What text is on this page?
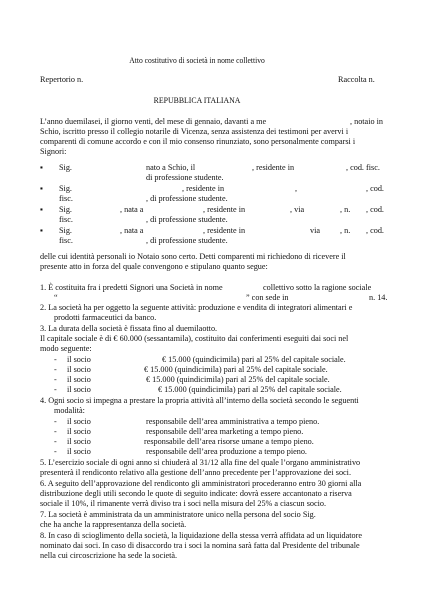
Atto costitutivo di società in nome collettivo
Repertorio n.	Raccolta n.
REPUBBLICA ITALIANA
L’anno duemilasei, il giorno venti, del mese di gennaio, davanti a me	, notaio in
Schio, iscritto presso il collegio notarile di Vicenza, senza assistenza dei testimoni per avervi i
comparenti di comune accordo e con il mio consenso rinunziato, sono personalmente comparsi i
Signori:
▪ Sig.	nato a Schio, il	, residente in	, cod. fisc.
di professione studente.
▪ Sig.	, residente in	,	, cod.
fisc.	, di professione studente.
▪ Sig.	, nata a	, residente in	, via	, n. , cod.
fisc.	, di professione studente.
▪ Sig.	, nata a	, residente in	via , n. , cod.
fisc.	, di professione studente.
delle cui identità personali io Notaio sono certo. Detti comparenti mi richiedono di ricevere il
presente atto in forza del quale convengono e stipulano quanto segue:
1. È costituita fra i predetti Signori una Società in nome	collettivo sotto la ragione sociale
“	” con sede in	n. 14.
2. La società ha per oggetto la seguente attività: produzione e vendita di integratori alimentari e
prodotti farmaceutici da banco.
3. La durata della società è fissata fino al duemilaotto.
Il capitale sociale è di € 60.000 (sessantamila), costituito dai conferimenti eseguiti dai soci nel
modo seguente:
- il socio	€ 15.000 (quindicimila) pari al 25% del capitale sociale.
- il socio	€ 15.000 (quindicimila) pari al 25% del capitale sociale.
- il socio	€ 15.000 (quindicimila) pari al 25% del capitale sociale.
- il socio	€ 15.000 (quindicimila) pari al 25% del capitale sociale.
4. Ogni socio si impegna a prestare la propria attività all’interno della società secondo le seguenti
modalità:
- il socio	responsabile dell’area amministrativa a tempo pieno.
- il socio	responsabile dell’area marketing a tempo pieno.
- il socio	responsabile dell’area risorse umane a tempo pieno.
- il socio	responsabile dell’area produzione a tempo pieno.
5. L’esercizio sociale di ogni anno si chiuderà al 31/12 alla fine del quale l’organo amministrativo
presenterà il rendiconto relativo alla gestione dell’anno precedente per l’approvazione dei soci.
6. A seguito dell’approvazione del rendiconto gli amministratori procederanno entro 30 giorni alla
distribuzione degli utili secondo le quote di seguito indicate: dovrà essere accantonato a riserva
sociale il 10%, il rimanente verrà diviso tra i soci nella misura del 25% a ciascun socio.
7. La società è amministrata da un amministratore unico nella persona del socio Sig.
che ha anche la rappresentanza della società.
8. In caso di scioglimento della società, la liquidazione della stessa verrà affidata ad un liquidatore
nominato dai soci. In caso di disaccordo tra i soci la nomina sarà fatta dal Presidente del tribunale
nella cui circoscrizione ha sede la società.
